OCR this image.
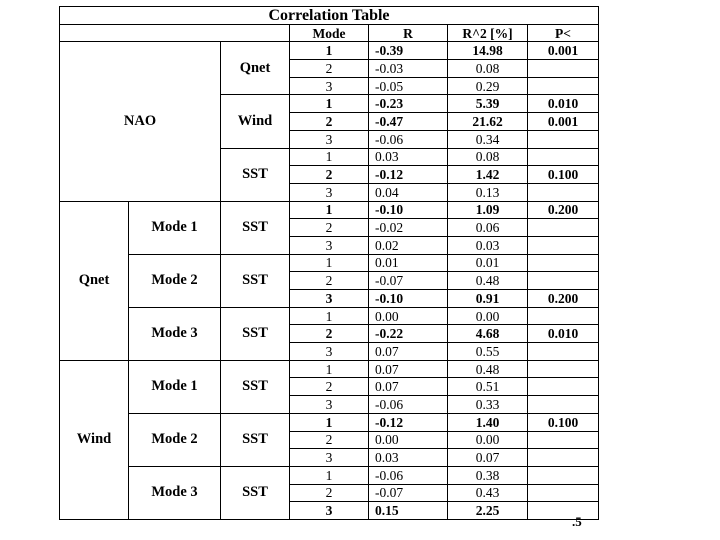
Correlation Table						
			Mode	R	R^2 [%]	P<
NAO		Qnet	1	-0.39	14.98	0.001
			2	-0.03	0.08	
			3	-0.05	0.29	
		Wind	1	-0.23	5.39	0.010
			2	-0.47	21.62	0.001
			3	-0.06	0.34	
		SST	1	0.03	0.08	
			2	-0.12	1.42	0.100
			3	0.04	0.13	
Qnet	Mode 1	SST	1	-0.10	1.09	0.200
			2	-0.02	0.06	
			3	0.02	0.03	
	Mode 2	SST	1	0.01	0.01	
			2	-0.07	0.48	
			3	-0.10	0.91	0.200
	Mode 3	SST	1	0.00	0.00	
			2	-0.22	4.68	0.010
			3	0.07	0.55	
Wind	Mode 1	SST	1	0.07	0.48	
			2	0.07	0.51	
			3	-0.06	0.33	
	Mode 2	SST	1	-0.12	1.40	0.100
			2	0.00	0.00	
			3	0.03	0.07	
	Mode 3	SST	1	-0.06	0.38	
			2	-0.07	0.43	
			3	0.15	2.25	
.5
